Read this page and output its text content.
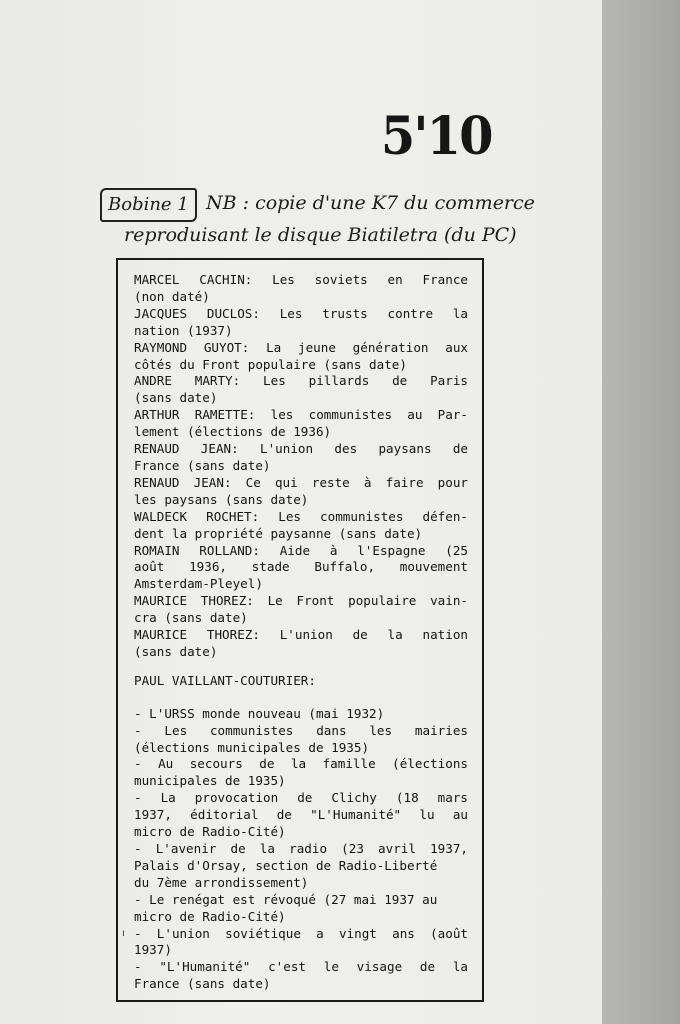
5'10
Bobine 1 NB : copie d'une K7 du commerce
reproduisant le disque Biatiletra (du PC)
MARCEL CACHIN: Les soviets en France
(non daté)
JACQUES DUCLOS: Les trusts contre la
nation (1937)
RAYMOND GUYOT: La jeune génération aux
côtés du Front populaire (sans date)
ANDRE MARTY: Les pillards de Paris
(sans date)
ARTHUR RAMETTE: les communistes au Par-
lement (élections de 1936)
RENAUD JEAN: L'union des paysans de
France (sans date)
RENAUD JEAN: Ce qui reste à faire pour
les paysans (sans date)
WALDECK ROCHET: Les communistes défen-
dent la propriété paysanne (sans date)
ROMAIN ROLLAND: Aide à l'Espagne (25
août 1936, stade Buffalo, mouvement
Amsterdam-Pleyel)
MAURICE THOREZ: Le Front populaire vain-
cra (sans date)
MAURICE THOREZ: L'union de la nation
(sans date)
PAUL VAILLANT-COUTURIER:
- L'URSS monde nouveau (mai 1932)
- Les communistes dans les mairies
(élections municipales de 1935)
- Au secours de la famille (élections
municipales de 1935)
- La provocation de Clichy (18 mars
1937, éditorial de "L'Humanité" lu au
micro de Radio-Cité)
- L'avenir de la radio (23 avril 1937,
Palais d'Orsay, section de Radio-Liberté
du 7ème arrondissement)
- Le renégat est révoqué (27 mai 1937 au
micro de Radio-Cité)
- L'union soviétique a vingt ans (août
1937)
- "L'Humanité" c'est le visage de la
France (sans date)
ı
